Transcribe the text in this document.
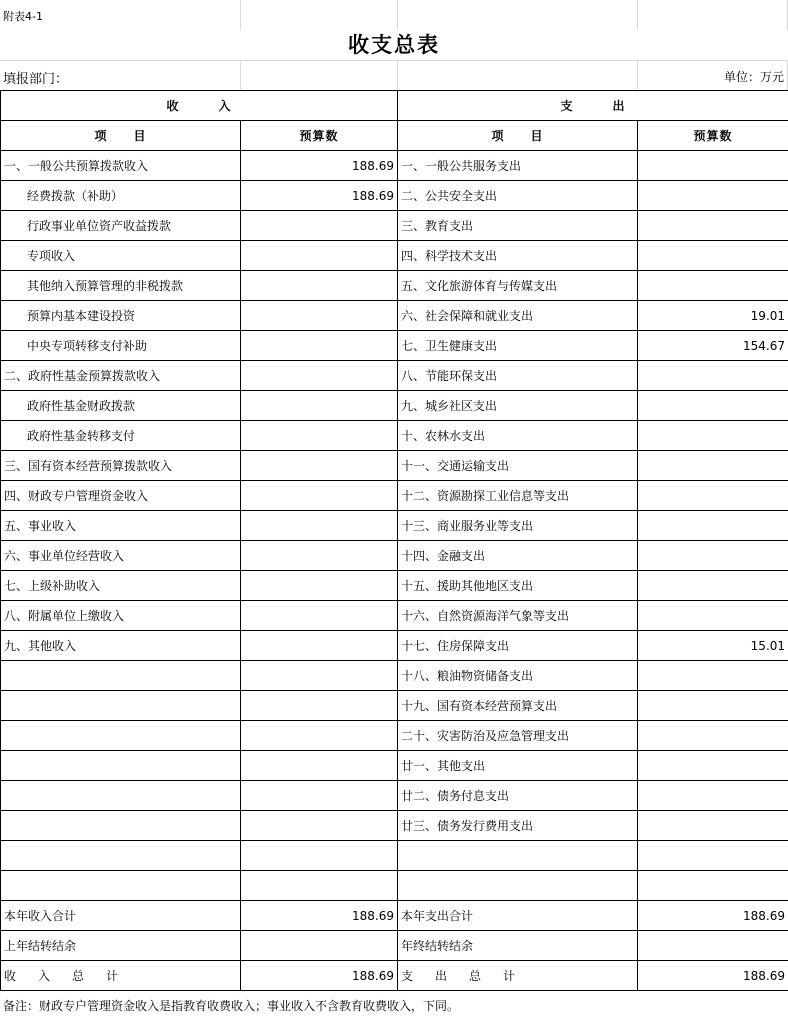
附表4-1
收支总表
填报部门：	单位：万元
收　　　入		支　　　出	
项　　目	预算数	项　　目	预算数
一、一般公共预算拨款收入	188.69	一、一般公共服务支出	
经费拨款（补助）	188.69	二、公共安全支出	
行政事业单位资产收益拨款		三、教育支出	
专项收入		四、科学技术支出	
其他纳入预算管理的非税拨款		五、文化旅游体育与传媒支出	
预算内基本建设投资		六、社会保障和就业支出	19.01
中央专项转移支付补助		七、卫生健康支出	154.67
二、政府性基金预算拨款收入		八、节能环保支出	
政府性基金财政拨款		九、城乡社区支出	
政府性基金转移支付		十、农林水支出	
三、国有资本经营预算拨款收入		十一、交通运输支出	
四、财政专户管理资金收入		十二、资源勘探工业信息等支出	
五、事业收入		十三、商业服务业等支出	
六、事业单位经营收入		十四、金融支出	
七、上级补助收入		十五、援助其他地区支出	
八、附属单位上缴收入		十六、自然资源海洋气象等支出	
九、其他收入		十七、住房保障支出	15.01
		十八、粮油物资储备支出	
		十九、国有资本经营预算支出	
		二十、灾害防治及应急管理支出	
		廿一、其他支出	
		廿二、债务付息支出	
		廿三、债务发行费用支出	

本年收入合计	188.69	本年支出合计	188.69
上年结转结余		年终结转结余	
收入总计	188.69	支出总计	188.69
备注：财政专户管理资金收入是指教育收费收入；事业收入不含教育收费收入，下同。
